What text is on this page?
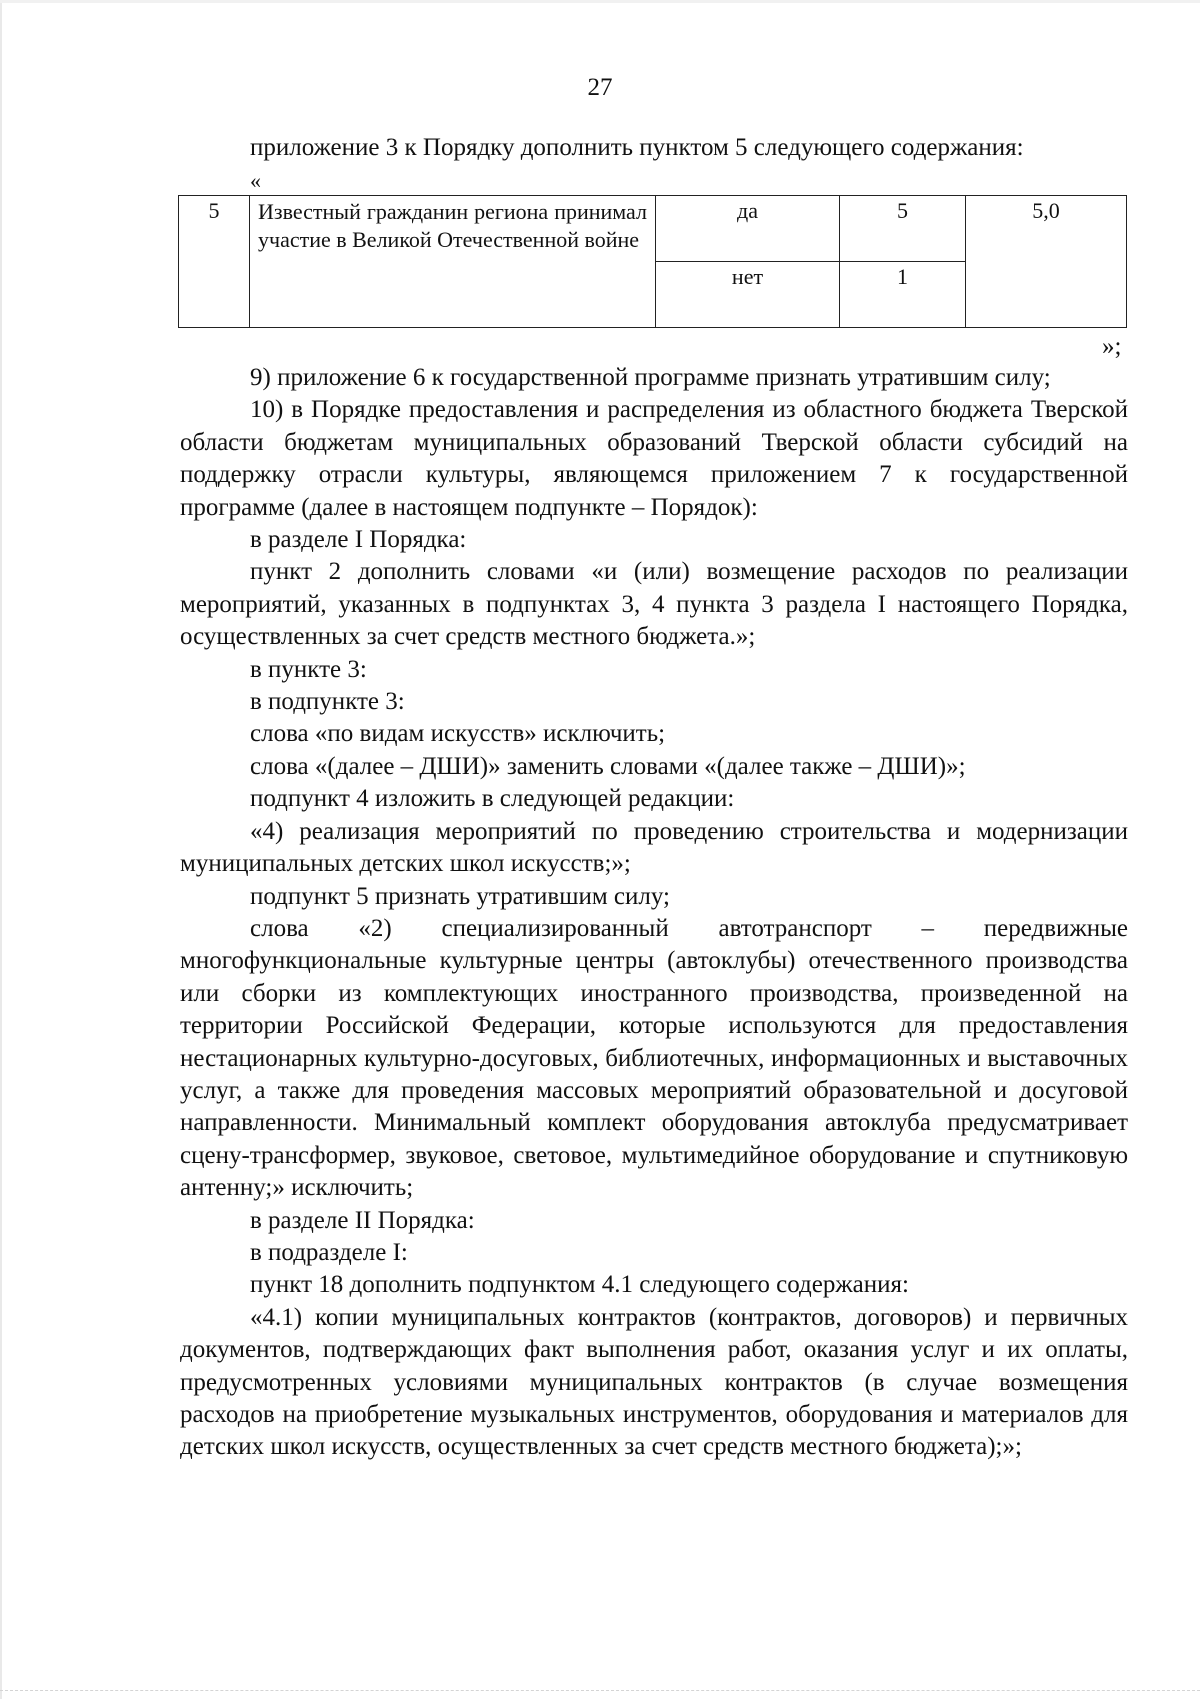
27
приложение 3 к Порядку дополнить пунктом 5 следующего содержания:
«
5	Известный гражданин региона принимал участие в Великой Отечественной войне	да	5	5,0
		нет	1	
»;

9) приложение 6 к государственной программе признать утратившим силу;

10) в Порядке предоставления и распределения из областного бюджета Тверской области бюджетам муниципальных образований Тверской области субсидий на поддержку отрасли культуры, являющемся приложением 7 к государственной программе (далее в настоящем подпункте – Порядок):

в разделе I Порядка:

пункт 2 дополнить словами «и (или) возмещение расходов по реализации мероприятий, указанных в подпунктах 3, 4 пункта 3 раздела I настоящего Порядка, осуществленных за счет средств местного бюджета.»;

в пункте 3:

в подпункте 3:

слова «по видам искусств» исключить;

слова «(далее – ДШИ)» заменить словами «(далее также – ДШИ)»;

подпункт 4 изложить в следующей редакции:

«4) реализация мероприятий по проведению строительства и модернизации муниципальных детских школ искусств;»;

подпункт 5 признать утратившим силу;

слова «2) специализированный автотранспорт – передвижные многофункциональные культурные центры (автоклубы) отечественного производства или сборки из комплектующих иностранного производства, произведенной на территории Российской Федерации, которые используются для предоставления нестационарных культурно-досуговых, библиотечных, информационных и выставочных услуг, а также для проведения массовых мероприятий образовательной и досуговой направленности. Минимальный комплект оборудования автоклуба предусматривает сцену-трансформер, звуковое, световое, мультимедийное оборудование и спутниковую антенну;» исключить;

в разделе II Порядка:

в подразделе I:

пункт 18 дополнить подпунктом 4.1 следующего содержания:

«4.1) копии муниципальных контрактов (контрактов, договоров) и первичных документов, подтверждающих факт выполнения работ, оказания услуг и их оплаты, предусмотренных условиями муниципальных контрактов (в случае возмещения расходов на приобретение музыкальных инструментов, оборудования и материалов для детских школ искусств, осуществленных за счет средств местного бюджета);»;
